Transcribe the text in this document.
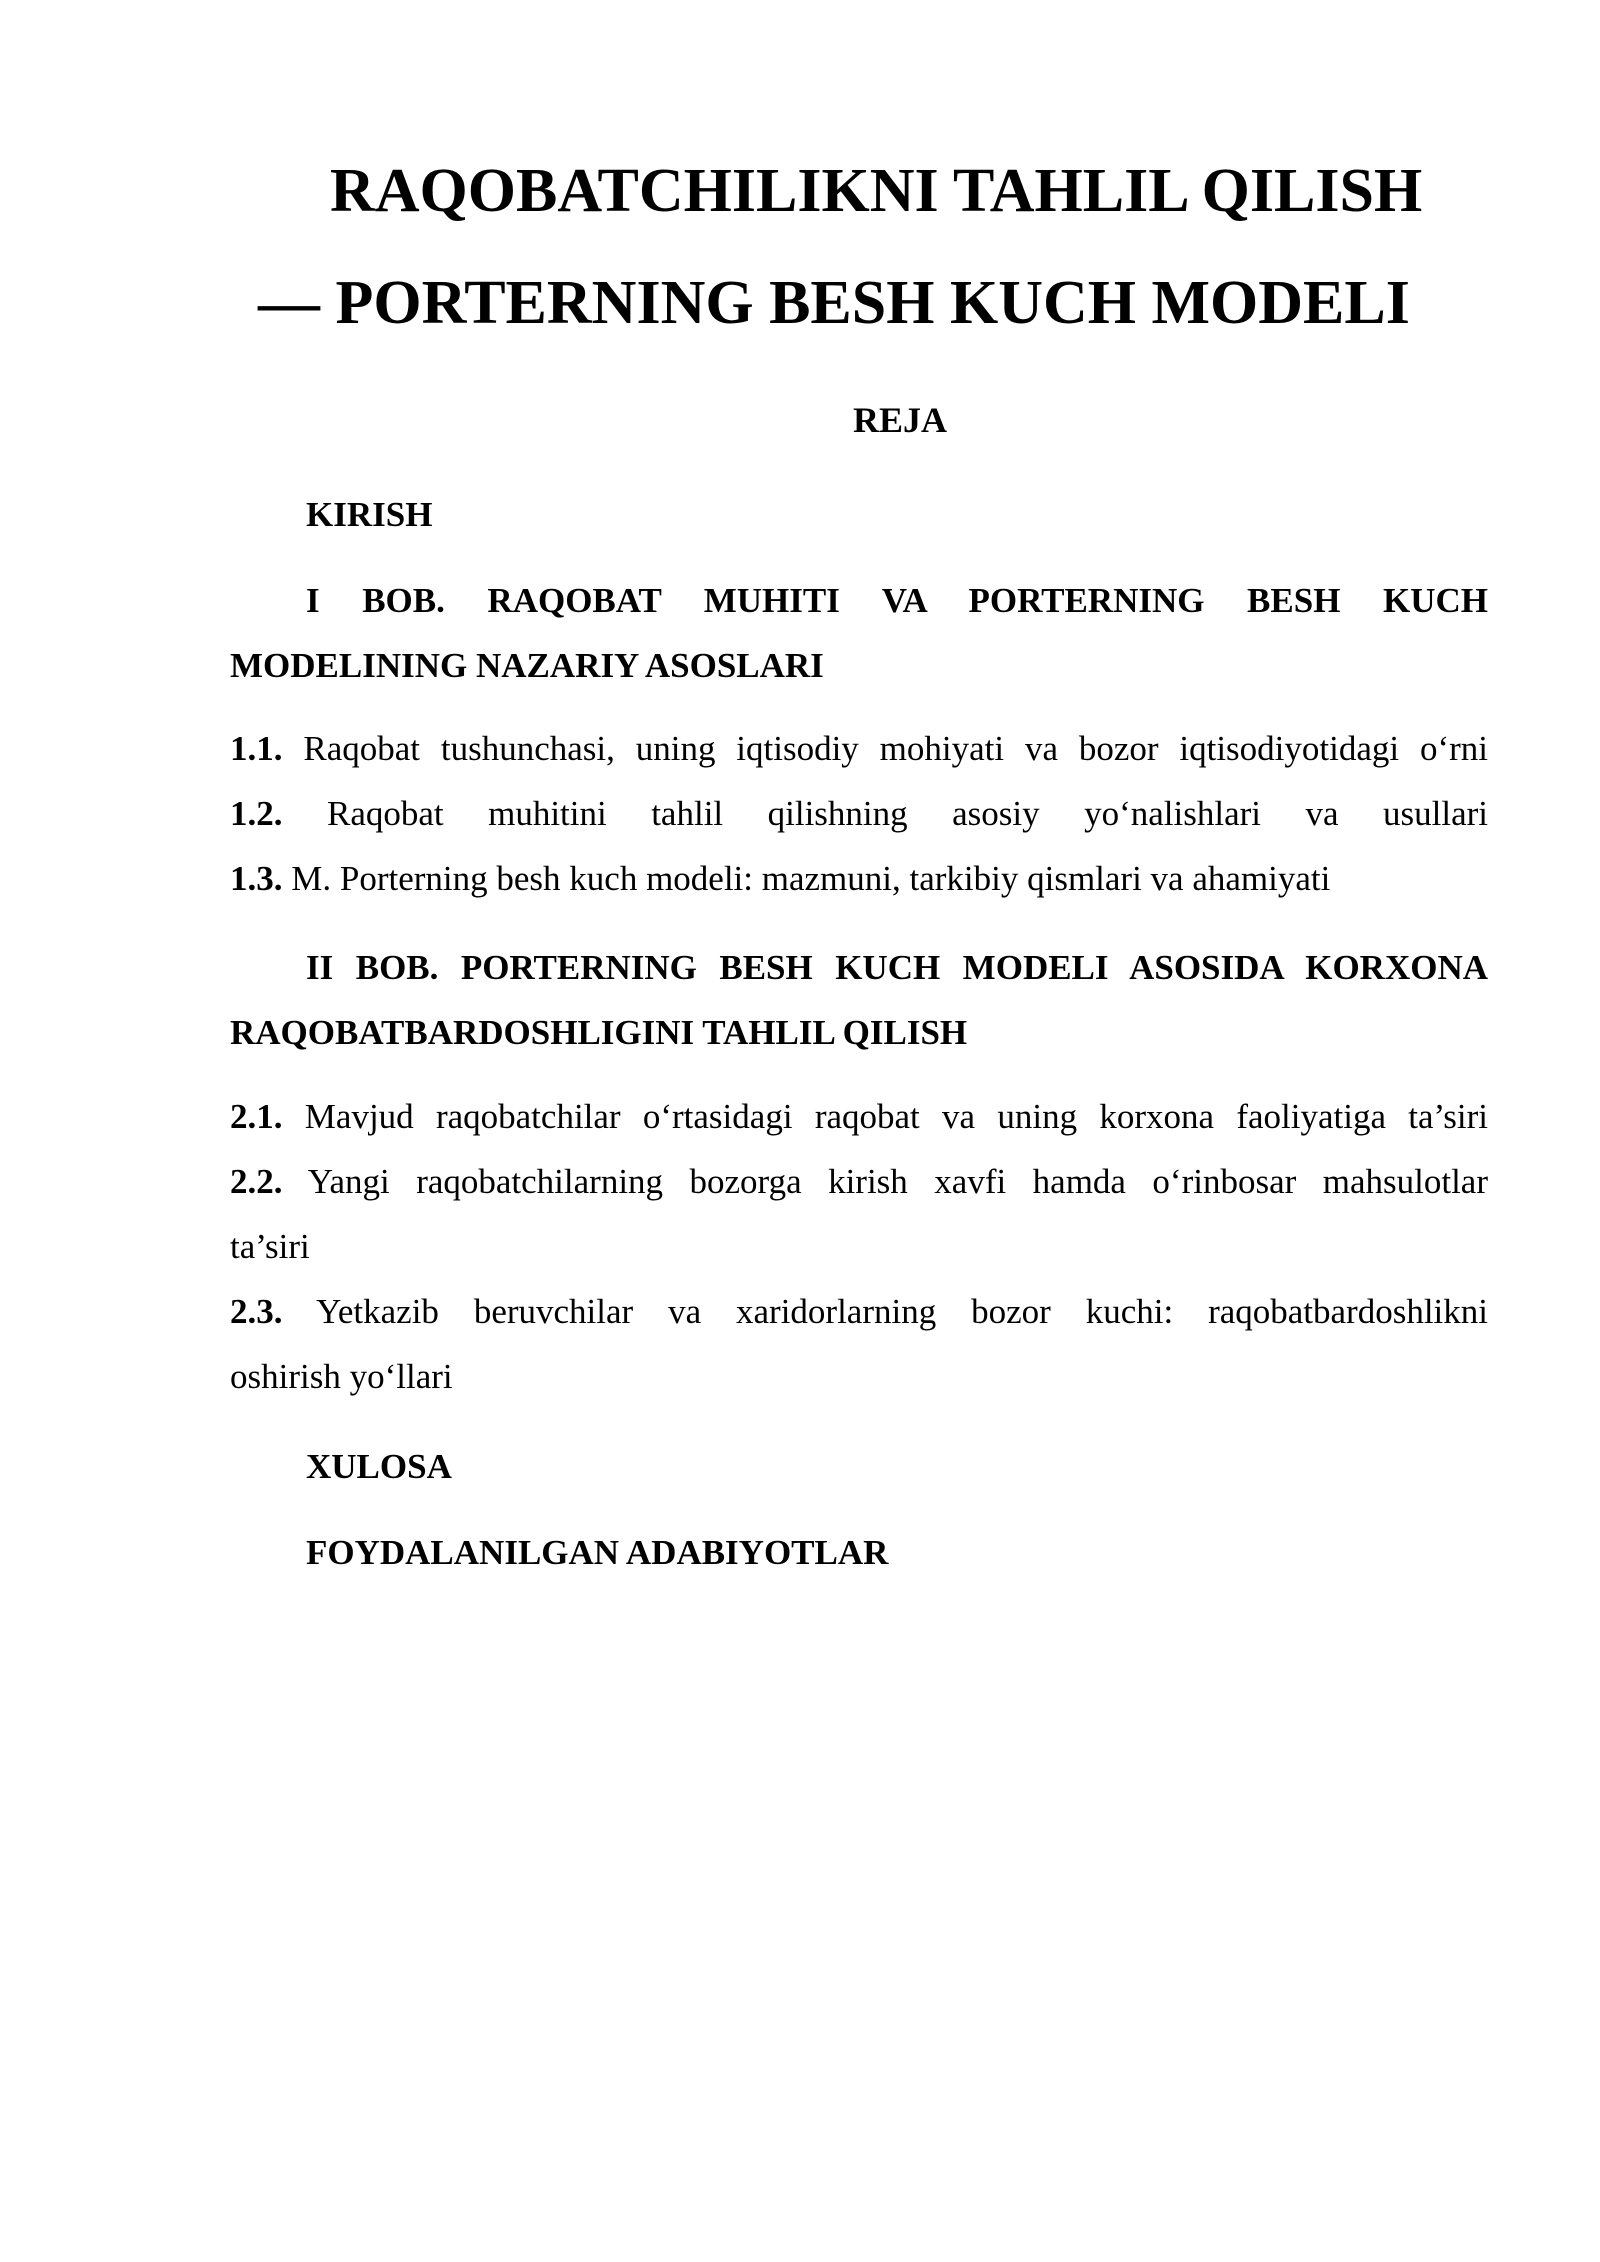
RAQOBATCHILIKNI TAHLIL QILISH
— PORTERNING BESH KUCH MODELI
REJA
KIRISH
I BOB. RAQOBAT MUHITI VA PORTERNING BESH KUCH
MODELINING NAZARIY ASOSLARI
1.1. Raqobat tushunchasi, uning iqtisodiy mohiyati va bozor iqtisodiyotidagi o‘rni
1.2. Raqobat muhitini tahlil qilishning asosiy yo‘nalishlari va usullari
1.3. M. Porterning besh kuch modeli: mazmuni, tarkibiy qismlari va ahamiyati
II BOB. PORTERNING BESH KUCH MODELI ASOSIDA KORXONA
RAQOBATBARDOSHLIGINI TAHLIL QILISH
2.1. Mavjud raqobatchilar o‘rtasidagi raqobat va uning korxona faoliyatiga ta’siri
2.2. Yangi raqobatchilarning bozorga kirish xavfi hamda o‘rinbosar mahsulotlar
ta’siri
2.3. Yetkazib beruvchilar va xaridorlarning bozor kuchi: raqobatbardoshlikni
oshirish yo‘llari
XULOSA
FOYDALANILGAN ADABIYOTLAR
